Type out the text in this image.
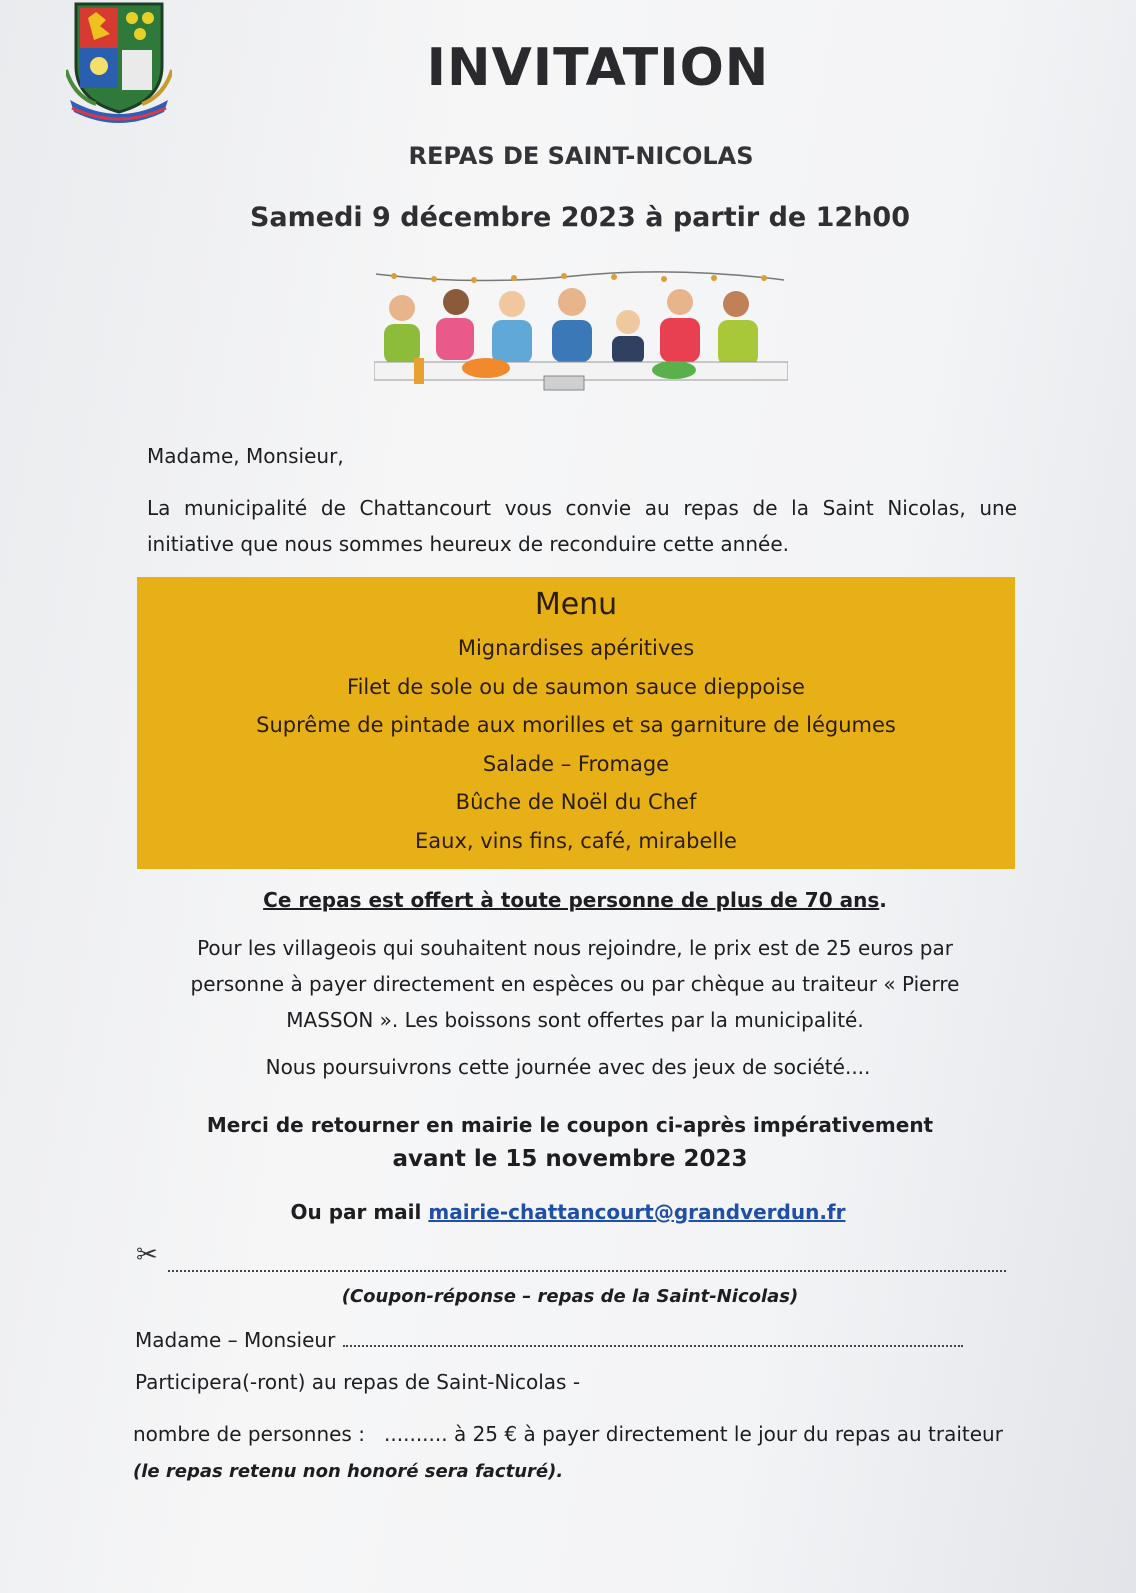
INVITATION
REPAS DE SAINT-NICOLAS
Samedi 9 décembre 2023 à partir de 12h00
Madame, Monsieur,
La municipalité de Chattancourt vous convie au repas de la Saint Nicolas, une initiative que nous sommes heureux de reconduire cette année.
Menu
Mignardises apéritives
Filet de sole ou de saumon sauce dieppoise
Suprême de pintade aux morilles et sa garniture de légumes
Salade – Fromage
Bûche de Noël du Chef
Eaux, vins fins, café, mirabelle
Ce repas est offert à toute personne de plus de 70 ans.
Pour les villageois qui souhaitent nous rejoindre, le prix est de 25 euros par personne à payer directement en espèces ou par chèque au traiteur « Pierre MASSON ». Les boissons sont offertes par la municipalité.
Nous poursuivrons cette journée avec des jeux de société....
Merci de retourner en mairie le coupon ci-après impérativement
avant le 15 novembre 2023
Ou par mail mairie-chattancourt@grandverdun.fr
✂
(Coupon-réponse – repas de la Saint-Nicolas)
Madame – Monsieur
Participera(-ront) au repas de Saint-Nicolas -
nombre de personnes : .......... à 25 € à payer directement le jour du repas au traiteur (le repas retenu non honoré sera facturé).
